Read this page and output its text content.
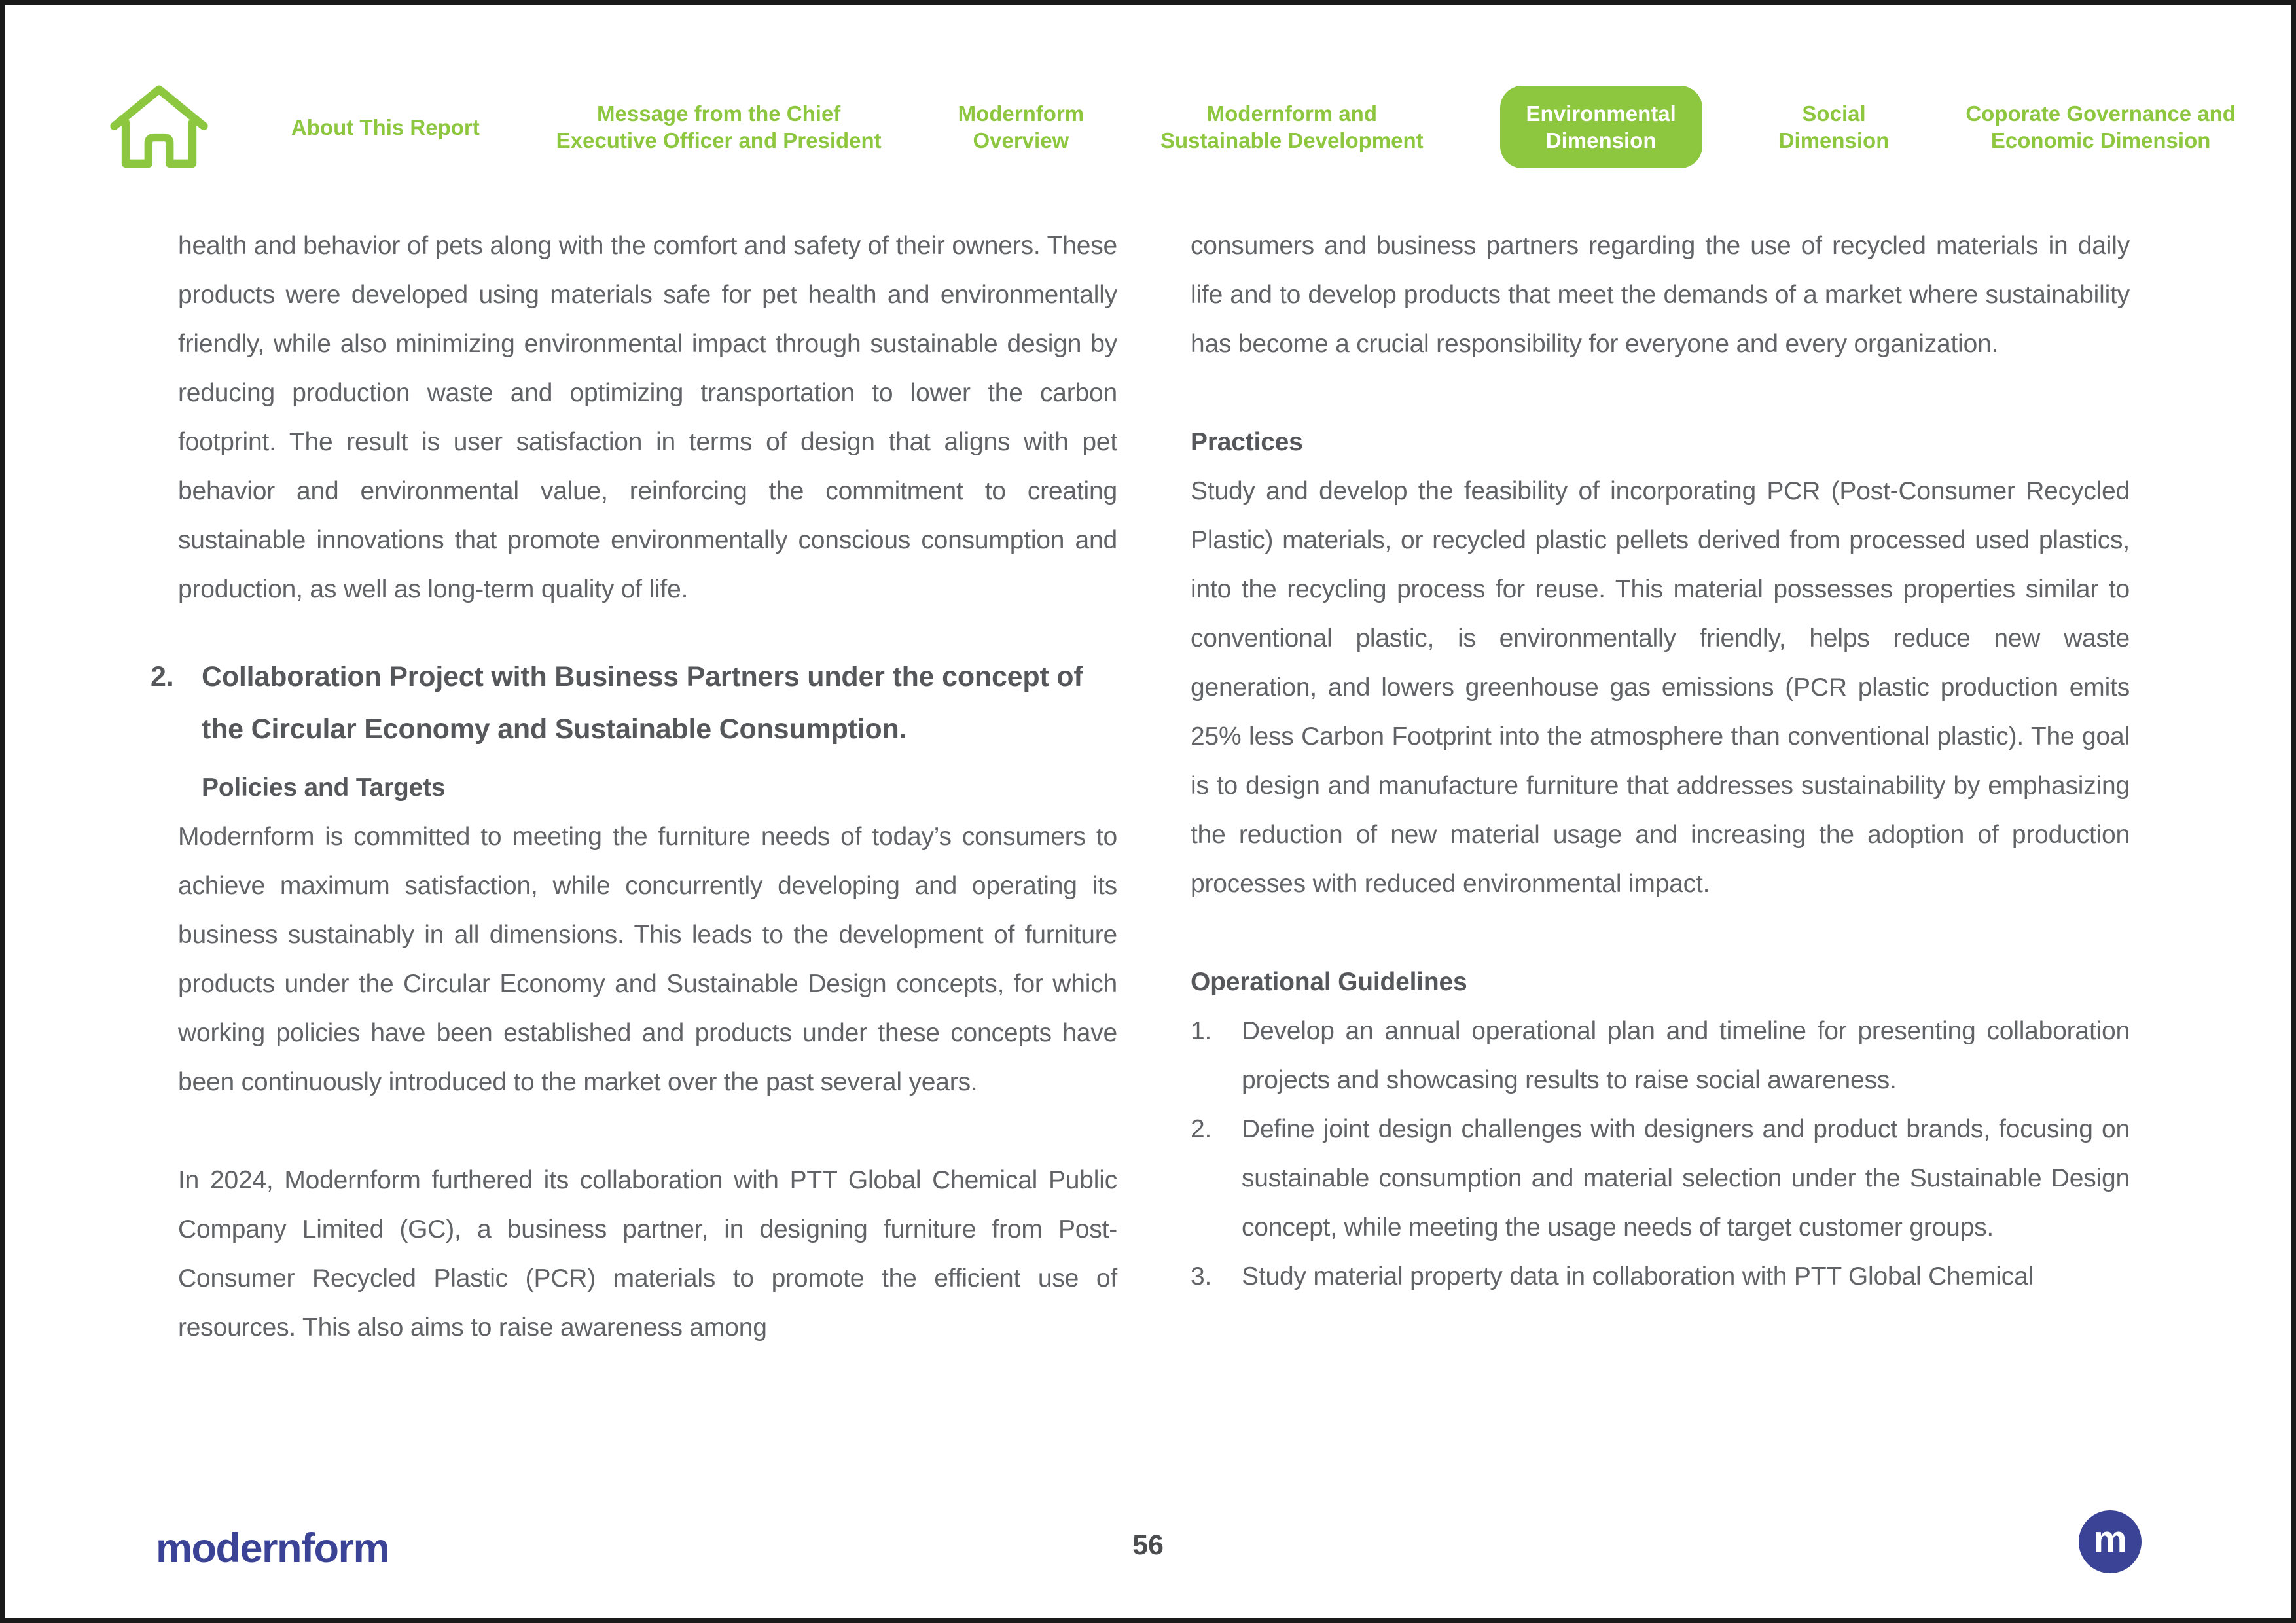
About This Report
Message from the Chief
Executive Officer and President
Modernform
Overview
Modernform and
Sustainable Development
Environmental
Dimension
Social
Dimension
Coporate Governance and
Economic Dimension

health and behavior of pets along with the comfort and safety of their owners. These products were developed using materials safe for pet health and environmentally friendly, while also minimizing environmental impact through sustainable design by reducing production waste and optimizing transportation to lower the carbon footprint. The result is user satisfaction in terms of design that aligns with pet behavior and environmental value, reinforcing the commitment to creating sustainable innovations that promote environmentally conscious consumption and production, as well as long-term quality of life.

2. Collaboration Project with Business Partners under the concept of the Circular Economy and Sustainable Consumption.
Policies and Targets

Modernform is committed to meeting the furniture needs of today’s consumers to achieve maximum satisfaction, while concurrently developing and operating its business sustainably in all dimensions. This leads to the development of furniture products under the Circular Economy and Sustainable Design concepts, for which working policies have been established and products under these concepts have been continuously introduced to the market over the past several years.

In 2024, Modernform furthered its collaboration with PTT Global Chemical Public Company Limited (GC), a business partner, in designing furniture from Post-Consumer Recycled Plastic (PCR) materials to promote the efficient use of resources. This also aims to raise awareness among

consumers and business partners regarding the use of recycled materials in daily life and to develop products that meet the demands of a market where sustainability has become a crucial responsibility for everyone and every organization.

Practices

Study and develop the feasibility of incorporating PCR (Post-Consumer Recycled Plastic) materials, or recycled plastic pellets derived from processed used plastics, into the recycling process for reuse. This material possesses properties similar to conventional plastic, is environmentally friendly, helps reduce new waste generation, and lowers greenhouse gas emissions (PCR plastic production emits 25% less Carbon Footprint into the atmosphere than conventional plastic). The goal is to design and manufacture furniture that addresses sustainability by emphasizing the reduction of new material usage and increasing the adoption of production processes with reduced environmental impact.

Operational Guidelines
1.	Develop an annual operational plan and timeline for presenting collaboration projects and showcasing results to raise social awareness.
2.	Define joint design challenges with designers and product brands, focusing on sustainable consumption and material selection under the Sustainable Design concept, while meeting the usage needs of target customer groups.
3.	Study material property data in collaboration with PTT Global Chemical
modernform	56	m
